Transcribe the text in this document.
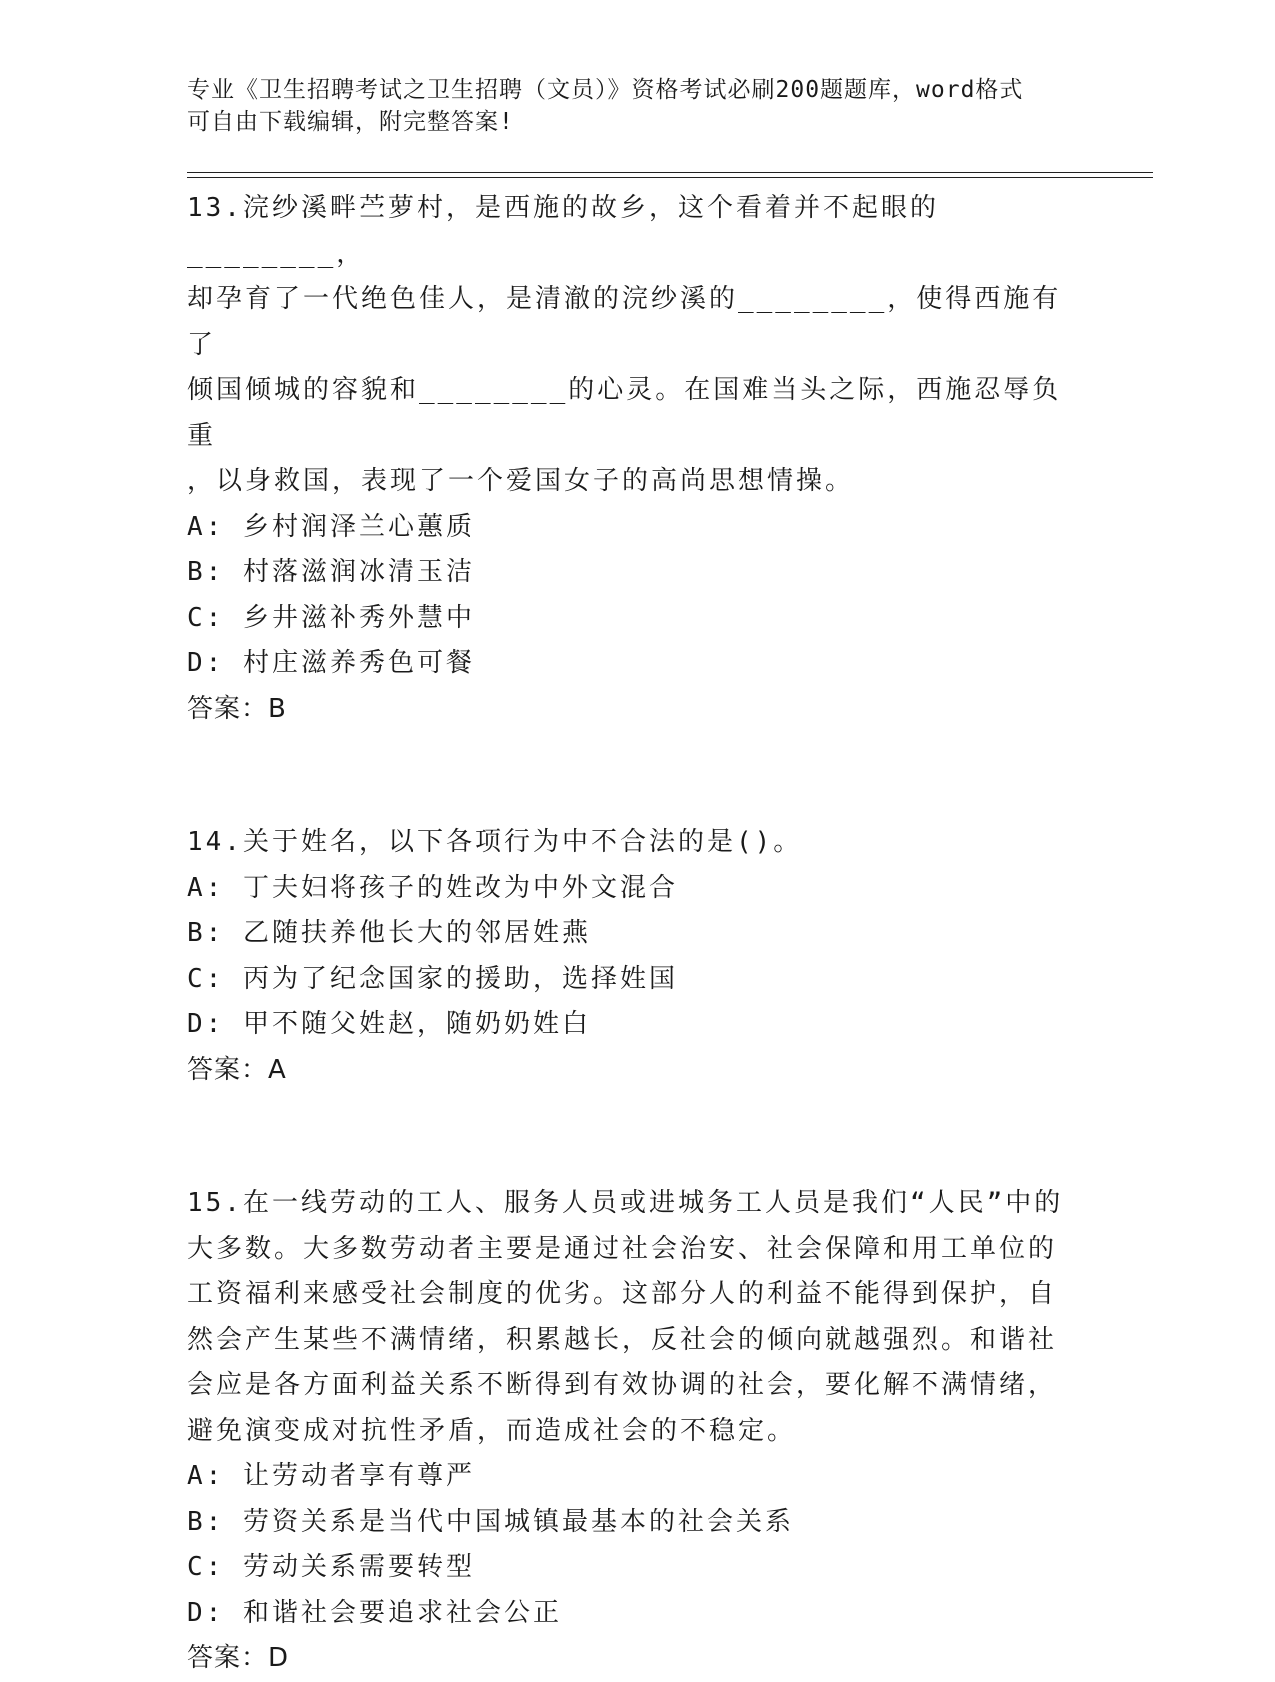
专业《卫生招聘考试之卫生招聘（文员）》资格考试必刷200题题库，word格式
可自由下载编辑，附完整答案!

13.浣纱溪畔苎萝村，是西施的故乡，这个看着并不起眼的________，

却孕育了一代绝色佳人，是清澈的浣纱溪的________，使得西施有了

倾国倾城的容貌和________的心灵。在国难当头之际，西施忍辱负重

，以身救国，表现了一个爱国女子的高尚思想情操。

A: 乡村润泽兰心蕙质

B: 村落滋润冰清玉洁

C: 乡井滋补秀外慧中

D: 村庄滋养秀色可餐

答案：B

14.关于姓名，以下各项行为中不合法的是()。

A: 丁夫妇将孩子的姓改为中外文混合

B: 乙随扶养他长大的邻居姓燕

C: 丙为了纪念国家的援助，选择姓国

D: 甲不随父姓赵，随奶奶姓白

答案：A

15.在一线劳动的工人、服务人员或进城务工人员是我们“人民”中的

大多数。大多数劳动者主要是通过社会治安、社会保障和用工单位的

工资福利来感受社会制度的优劣。这部分人的利益不能得到保护，自

然会产生某些不满情绪，积累越长，反社会的倾向就越强烈。和谐社

会应是各方面利益关系不断得到有效协调的社会，要化解不满情绪，

避免演变成对抗性矛盾，而造成社会的不稳定。

A: 让劳动者享有尊严

B: 劳资关系是当代中国城镇最基本的社会关系

C: 劳动关系需要转型

D: 和谐社会要追求社会公正

答案：D
